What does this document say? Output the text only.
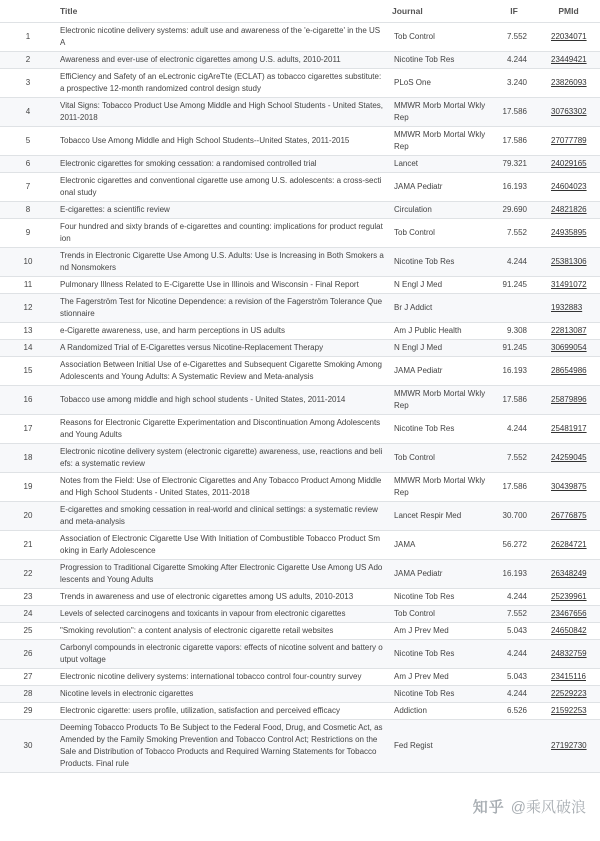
	Title	Journal	IF	PMId
1	Electronic nicotine delivery systems: adult use and awareness of the 'e-cigarette' in the USA	Tob Control	7.552	22034071
2	Awareness and ever-use of electronic cigarettes among U.S. adults, 2010-2011	Nicotine Tob Res	4.244	23449421
3	EffiCiency and Safety of an eLectronic cigAreTte (ECLAT) as tobacco cigarettes substitute: a prospective 12-month randomized control design study	PLoS One	3.240	23826093
4	Vital Signs: Tobacco Product Use Among Middle and High School Students - United States, 2011-2018	MMWR Morb Mortal Wkly Rep	17.586	30763302
5	Tobacco Use Among Middle and High School Students--United States, 2011-2015	MMWR Morb Mortal Wkly Rep	17.586	27077789
6	Electronic cigarettes for smoking cessation: a randomised controlled trial	Lancet	79.321	24029165
7	Electronic cigarettes and conventional cigarette use among U.S. adolescents: a cross-sectional study	JAMA Pediatr	16.193	24604023
8	E-cigarettes: a scientific review	Circulation	29.690	24821826
9	Four hundred and sixty brands of e-cigarettes and counting: implications for product regulation	Tob Control	7.552	24935895
10	Trends in Electronic Cigarette Use Among U.S. Adults: Use is Increasing in Both Smokers and Nonsmokers	Nicotine Tob Res	4.244	25381306
11	Pulmonary Illness Related to E-Cigarette Use in Illinois and Wisconsin - Final Report	N Engl J Med	91.245	31491072
12	The Fagerström Test for Nicotine Dependence: a revision of the Fagerström Tolerance Questionnaire	Br J Addict		1932883
13	e-Cigarette awareness, use, and harm perceptions in US adults	Am J Public Health	9.308	22813087
14	A Randomized Trial of E-Cigarettes versus Nicotine-Replacement Therapy	N Engl J Med	91.245	30699054
15	Association Between Initial Use of e-Cigarettes and Subsequent Cigarette Smoking Among Adolescents and Young Adults: A Systematic Review and Meta-analysis	JAMA Pediatr	16.193	28654986
16	Tobacco use among middle and high school students - United States, 2011-2014	MMWR Morb Mortal Wkly Rep	17.586	25879896
17	Reasons for Electronic Cigarette Experimentation and Discontinuation Among Adolescents and Young Adults	Nicotine Tob Res	4.244	25481917
18	Electronic nicotine delivery system (electronic cigarette) awareness, use, reactions and beliefs: a systematic review	Tob Control	7.552	24259045
19	Notes from the Field: Use of Electronic Cigarettes and Any Tobacco Product Among Middle and High School Students - United States, 2011-2018	MMWR Morb Mortal Wkly Rep	17.586	30439875
20	E-cigarettes and smoking cessation in real-world and clinical settings: a systematic review and meta-analysis	Lancet Respir Med	30.700	26776875
21	Association of Electronic Cigarette Use With Initiation of Combustible Tobacco Product Smoking in Early Adolescence	JAMA	56.272	26284721
22	Progression to Traditional Cigarette Smoking After Electronic Cigarette Use Among US Adolescents and Young Adults	JAMA Pediatr	16.193	26348249
23	Trends in awareness and use of electronic cigarettes among US adults, 2010-2013	Nicotine Tob Res	4.244	25239961
24	Levels of selected carcinogens and toxicants in vapour from electronic cigarettes	Tob Control	7.552	23467656
25	"Smoking revolution": a content analysis of electronic cigarette retail websites	Am J Prev Med	5.043	24650842
26	Carbonyl compounds in electronic cigarette vapors: effects of nicotine solvent and battery output voltage	Nicotine Tob Res	4.244	24832759
27	Electronic nicotine delivery systems: international tobacco control four-country survey	Am J Prev Med	5.043	23415116
28	Nicotine levels in electronic cigarettes	Nicotine Tob Res	4.244	22529223
29	Electronic cigarette: users profile, utilization, satisfaction and perceived efficacy	Addiction	6.526	21592253
30	Deeming Tobacco Products To Be Subject to the Federal Food, Drug, and Cosmetic Act, as Amended by the Family Smoking Prevention and Tobacco Control Act; Restrictions on the Sale and Distribution of Tobacco Products and Required Warning Statements for Tobacco Products. Final rule	Fed Regist		27192730
知乎 @乘风破浪
